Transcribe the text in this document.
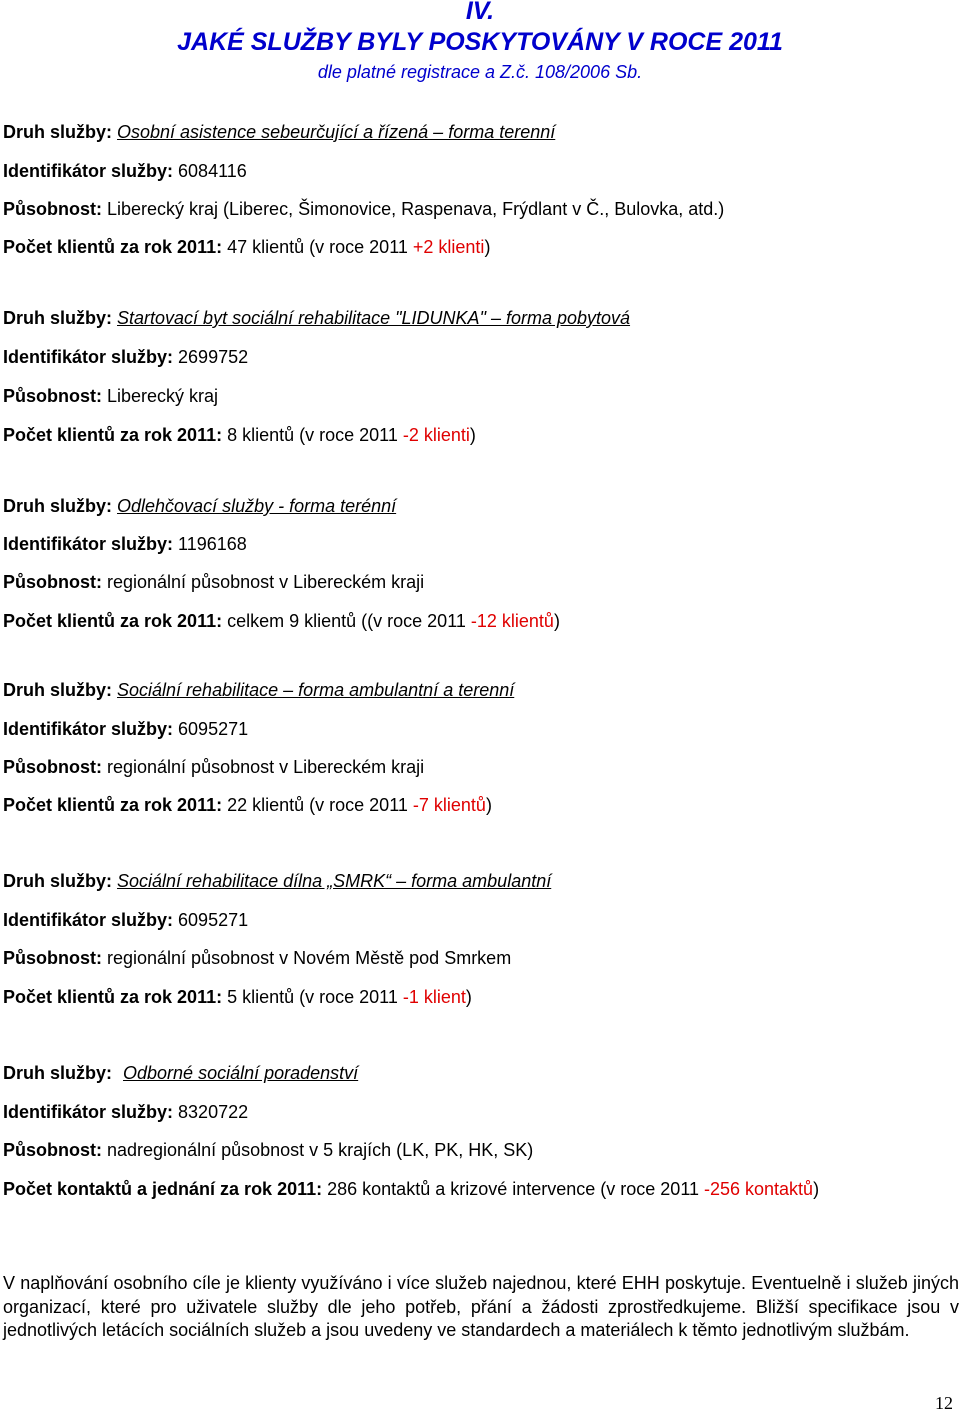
IV.
JAKÉ SLUŽBY BYLY POSKYTOVÁNY V ROCE 2011
dle platné registrace a Z.č. 108/2006 Sb.
Druh služby: Osobní asistence sebeurčující a řízená – forma terenní
Identifikátor služby: 6084116
Působnost: Liberecký kraj (Liberec, Šimonovice, Raspenava, Frýdlant v Č., Bulovka, atd.)
Počet klientů za rok 2011: 47 klientů (v roce 2011 +2 klienti)
Druh služby: Startovací byt sociální rehabilitace "LIDUNKA" – forma pobytová
Identifikátor služby: 2699752
Působnost: Liberecký kraj
Počet klientů za rok 2011: 8 klientů (v roce 2011 -2 klienti)
Druh služby: Odlehčovací služby - forma terénní
Identifikátor služby: 1196168
Působnost: regionální působnost v Libereckém kraji
Počet klientů za rok 2011: celkem 9 klientů ((v roce 2011 -12 klientů)
Druh služby: Sociální rehabilitace – forma ambulantní a terenní
Identifikátor služby: 6095271
Působnost: regionální působnost v Libereckém kraji
Počet klientů za rok 2011: 22 klientů (v roce 2011 -7 klientů)
Druh služby: Sociální rehabilitace dílna „SMRK“ – forma ambulantní
Identifikátor služby: 6095271
Působnost: regionální působnost v Novém Městě pod Smrkem
Počet klientů za rok 2011: 5 klientů (v roce 2011 -1 klient)
Druh služby: Odborné sociální poradenství
Identifikátor služby: 8320722
Působnost: nadregionální působnost v 5 krajích (LK, PK, HK, SK)
Počet kontaktů a jednání za rok 2011: 286 kontaktů a krizové intervence (v roce 2011 -256 kontaktů)
V naplňování osobního cíle je klienty využíváno i více služeb najednou, které EHH poskytuje. Eventuelně i služeb jiných organizací, které pro uživatele služby dle jeho potřeb, přání a žádosti zprostředkujeme. Bližší specifikace jsou v jednotlivých letácích sociálních služeb a jsou uvedeny ve standardech a materiálech k těmto jednotlivým službám.
12
